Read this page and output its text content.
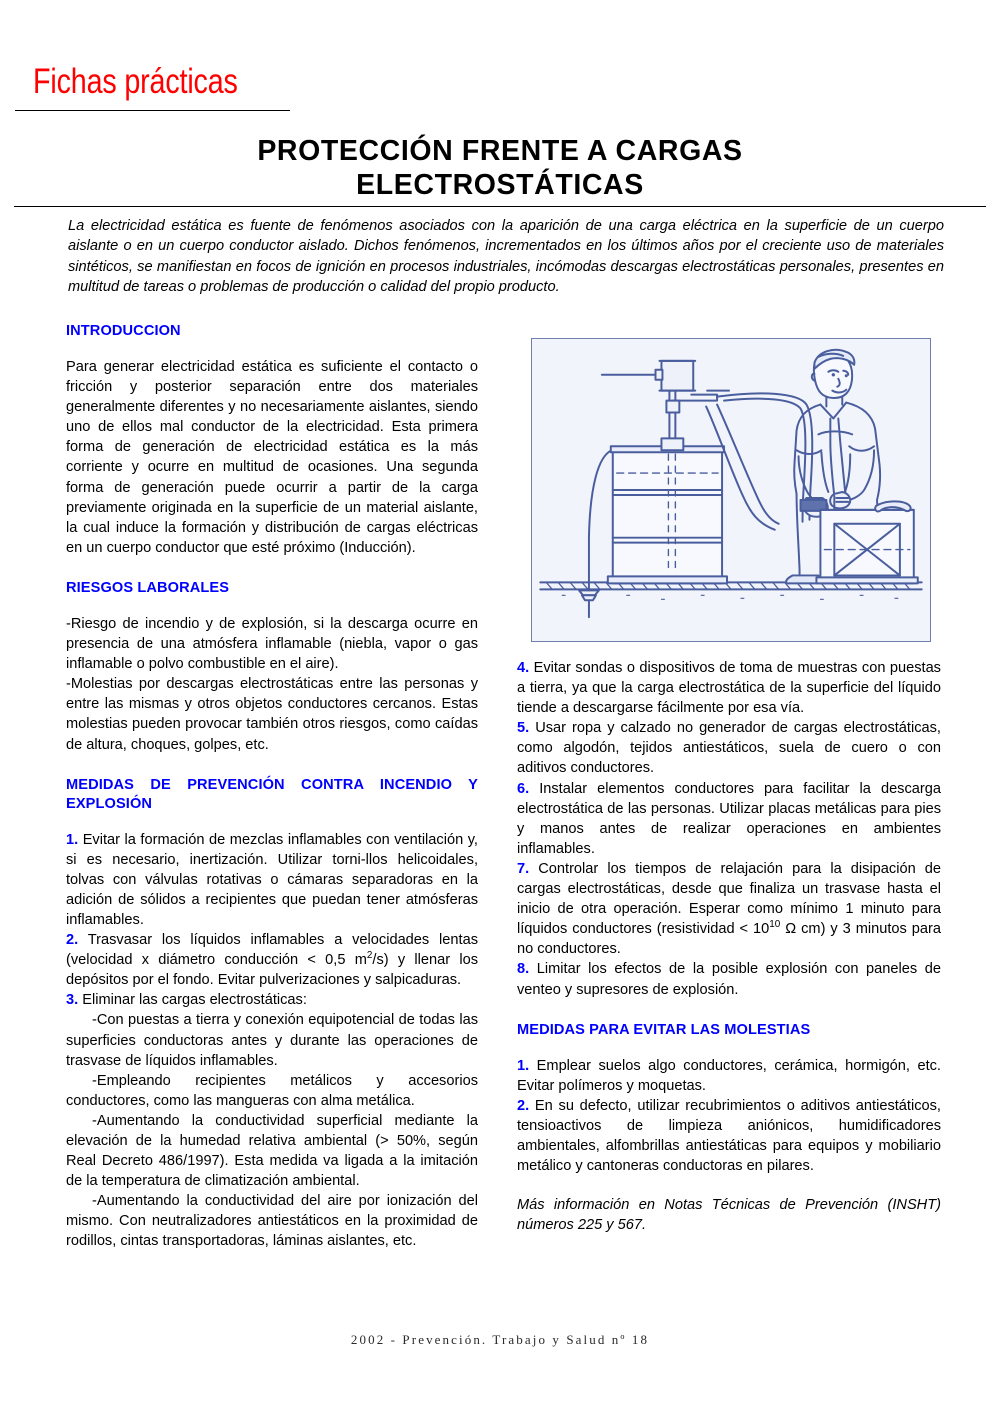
Fichas prácticas
PROTECCIÓN FRENTE A CARGAS
ELECTROSTÁTICAS
La electricidad estática es fuente de fenómenos asociados con la aparición de una carga eléctrica en la superficie de un cuerpo aislante o en un cuerpo conductor aislado. Dichos fenómenos, incrementados en los últimos años por el creciente uso de materiales sintéticos, se manifiestan en focos de ignición en procesos industriales, incómodas descargas electrostáticas personales, presentes en multitud de tareas o problemas de producción o calidad del propio producto.
INTRODUCCION

Para generar electricidad estática es suficiente el contacto o fricción y posterior separación entre dos materiales generalmente diferentes y no necesariamente aislantes, siendo uno de ellos mal conductor de la electricidad. Esta primera forma de generación de electricidad estática es la más corriente y ocurre en multitud de ocasiones. Una segunda forma de generación puede ocurrir a partir de la carga previamente originada en la superficie de un material aislante, la cual induce la formación y distribución de cargas eléctricas en un cuerpo conductor que esté próximo (Inducción).

RIESGOS LABORALES

-Riesgo de incendio y de explosión, si la descarga ocurre en presencia de una atmósfera inflamable (niebla, vapor o gas inflamable o polvo combustible en el aire).

-Molestias por descargas electrostáticas entre las personas y entre las mismas y otros objetos conductores cercanos. Estas molestias pueden provocar también otros riesgos, como caídas de altura, choques, golpes, etc.

MEDIDAS DE PREVENCIÓN CONTRA INCENDIO Y EXPLOSIÓN

1. Evitar la formación de mezclas inflamables con ventilación y, si es necesario, inertización. Utilizar torni-llos helicoidales, tolvas con válvulas rotativas o cámaras separadoras en la adición de sólidos a recipientes que puedan tener atmósferas inflamables.

2. Trasvasar los líquidos inflamables a velocidades lentas (velocidad x diámetro conducción < 0,5 $m^2/s$) y llenar los depósitos por el fondo. Evitar pulverizaciones y salpicaduras.

3. Eliminar las cargas electrostáticas:

-Con puestas a tierra y conexión equipotencial de todas las superficies conductoras antes y durante las operaciones de trasvase de líquidos inflamables.

-Empleando recipientes metálicos y accesorios conductores, como las mangueras con alma metálica.

-Aumentando la conductividad superficial mediante la elevación de la humedad relativa ambiental (> 50%, según Real Decreto 486/1997). Esta medida va ligada a la imitación de la temperatura de climatización ambiental.

-Aumentando la conductividad del aire por ionización del mismo. Con neutralizadores antiestáticos en la proximidad de rodillos, cintas transportadoras, láminas aislantes, etc.

4. Evitar sondas o dispositivos de toma de muestras con puestas a tierra, ya que la carga electrostática de la superficie del líquido tiende a descargarse fácilmente por esa vía.

5. Usar ropa y calzado no generador de cargas electrostáticas, como algodón, tejidos antiestáticos, suela de cuero o con aditivos conductores.

6. Instalar elementos conductores para facilitar la descarga electrostática de las personas. Utilizar placas metálicas para pies y manos antes de realizar operaciones en ambientes inflamables.

7. Controlar los tiempos de relajación para la disipación de cargas electrostáticas, desde que finaliza un trasvase hasta el inicio de otra operación. Esperar como mínimo 1 minuto para líquidos conductores (resistividad < $10^{10}$ Ω cm) y 3 minutos para no conductores.

8. Limitar los efectos de la posible explosión con paneles de venteo y supresores de explosión.

MEDIDAS PARA EVITAR LAS MOLESTIAS

1. Emplear suelos algo conductores, cerámica, hormigón, etc. Evitar polímeros y moquetas.

2. En su defecto, utilizar recubrimientos o aditivos antiestáticos, tensioactivos de limpieza aniónicos, humidificadores ambientales, alfombrillas antiestáticas para equipos y mobiliario metálico y cantoneras conductoras en pilares.

Más información en Notas Técnicas de Prevención (INSHT) números 225 y 567.

2002 - Prevención. Trabajo y Salud nº 18
